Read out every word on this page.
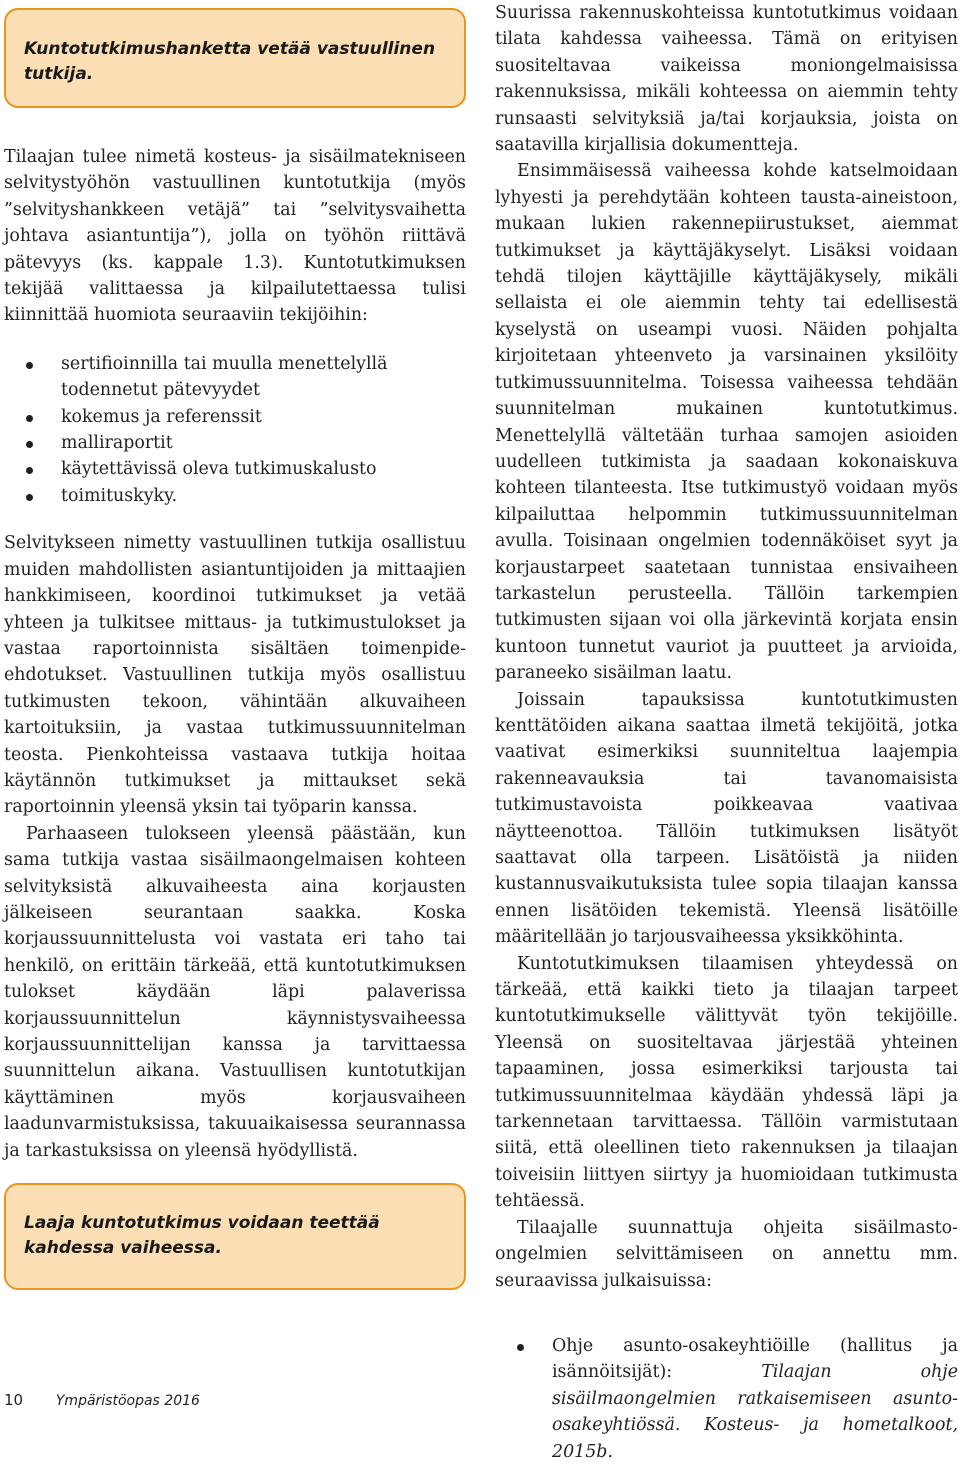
Kuntotutkimushanketta vetää vastuullinen tutkija.

Tilaajan tulee nimetä kosteus- ja sisäilmatekniseen selvitystyöhön vastuullinen kuntotutkija (myös ”selvityshankkeen vetäjä” tai ”selvitysvaihetta johtava asiantuntija”), jolla on työhön riittävä pätevyys (ks. kappale 1.3). Kuntotutkimuksen tekijää valittaessa ja kilpailutettaessa tulisi kiinnittää huomiota seuraaviin tekijöihin:

sertifioinnilla tai muulla menettelyllä todennetut pätevyydet
kokemus ja referenssit
malliraportit
käytettävissä oleva tutkimuskalusto
toimituskyky.

Selvitykseen nimetty vastuullinen tutkija osallistuu muiden mahdollisten asiantuntijoiden ja mittaajien hankkimiseen, koordinoi tutkimukset ja vetää yhteen ja tulkitsee mittaus- ja tutkimustulokset ja vastaa raportoinnista sisältäen toimenpide-ehdotukset. Vastuullinen tutkija myös osallistuu tutkimusten tekoon, vähintään alkuvaiheen kartoituksiin, ja vastaa tutkimussuunnitelman teosta. Pienkohteissa vastaava tutkija hoitaa käytännön tutkimukset ja mittaukset sekä raportoinnin yleensä yksin tai työparin kanssa.

Parhaaseen tulokseen yleensä päästään, kun sama tutkija vastaa sisäilmaongelmaisen kohteen selvityksistä alkuvaiheesta aina korjausten jälkeiseen seurantaan saakka. Koska korjaussuunnittelusta voi vastata eri taho tai henkilö, on erittäin tärkeää, että kuntotutkimuksen tulokset käydään läpi palaverissa korjaussuunnittelun käynnistysvaiheessa korjaussuunnittelijan kanssa ja tarvittaessa suunnittelun aikana. Vastuullisen kuntotutkijan käyttäminen myös korjausvaiheen laadunvarmistuksissa, takuuaikaisessa seurannassa ja tarkastuksissa on yleensä hyödyllistä.

Laaja kuntotutkimus voidaan teettää kahdessa vaiheessa.

Suurissa rakennuskohteissa kuntotutkimus voidaan tilata kahdessa vaiheessa. Tämä on erityisen suositeltavaa vaikeissa moniongelmaisissa rakennuksissa, mikäli kohteessa on aiemmin tehty runsaasti selvityksiä ja/tai korjauksia, joista on saatavilla kirjallisia dokumentteja.

Ensimmäisessä vaiheessa kohde katselmoidaan lyhyesti ja perehdytään kohteen tausta-aineistoon, mukaan lukien rakennepiirustukset, aiemmat tutkimukset ja käyttäjäkyselyt. Lisäksi voidaan tehdä tilojen käyttäjille käyttäjäkysely, mikäli sellaista ei ole aiemmin tehty tai edellisestä kyselystä on useampi vuosi. Näiden pohjalta kirjoitetaan yhteenveto ja varsinainen yksilöity tutkimussuunnitelma. Toisessa vaiheessa tehdään suunnitelman mukainen kuntotutkimus. Menettelyllä vältetään turhaa samojen asioiden uudelleen tutkimista ja saadaan kokonaiskuva kohteen tilanteesta. Itse tutkimustyö voidaan myös kilpailuttaa helpommin tutkimussuunnitelman avulla. Toisinaan ongelmien todennäköiset syyt ja korjaustarpeet saatetaan tunnistaa ensivaiheen tarkastelun perusteella. Tällöin tarkempien tutkimusten sijaan voi olla järkevintä korjata ensin kuntoon tunnetut vauriot ja puutteet ja arvioida, paraneeko sisäilman laatu.

Joissain tapauksissa kuntotutkimusten kenttätöiden aikana saattaa ilmetä tekijöitä, jotka vaativat esimerkiksi suunniteltua laajempia rakenneavauksia tai tavanomaisista tutkimustavoista poikkeavaa vaativaa näytteenottoa. Tällöin tutkimuksen lisätyöt saattavat olla tarpeen. Lisätöistä ja niiden kustannusvaikutuksista tulee sopia tilaajan kanssa ennen lisätöiden tekemistä. Yleensä lisätöille määritellään jo tarjousvaiheessa yksikköhinta.

Kuntotutkimuksen tilaamisen yhteydessä on tärkeää, että kaikki tieto ja tilaajan tarpeet kuntotutkimukselle välittyvät työn tekijöille. Yleensä on suositeltavaa järjestää yhteinen tapaaminen, jossa esimerkiksi tarjousta tai tutkimussuunnitelmaa käydään yhdessä läpi ja tarkennetaan tarvittaessa. Tällöin varmistutaan siitä, että oleellinen tieto rakennuksen ja tilaajan toiveisiin liittyen siirtyy ja huomioidaan tutkimusta tehtäessä.

Tilaajalle suunnattuja ohjeita sisäilmasto-ongelmien selvittämiseen on annettu mm. seuraavissa julkaisuissa:

Ohje asunto-osakeyhtiöille (hallitus ja isännöitsijät): Tilaajan ohje sisäilmaongelmien ratkaisemiseen asunto-osakeyhtiössä. Kosteus- ja hometalkoot, 2015b.
10 Ympäristöopas 2016
